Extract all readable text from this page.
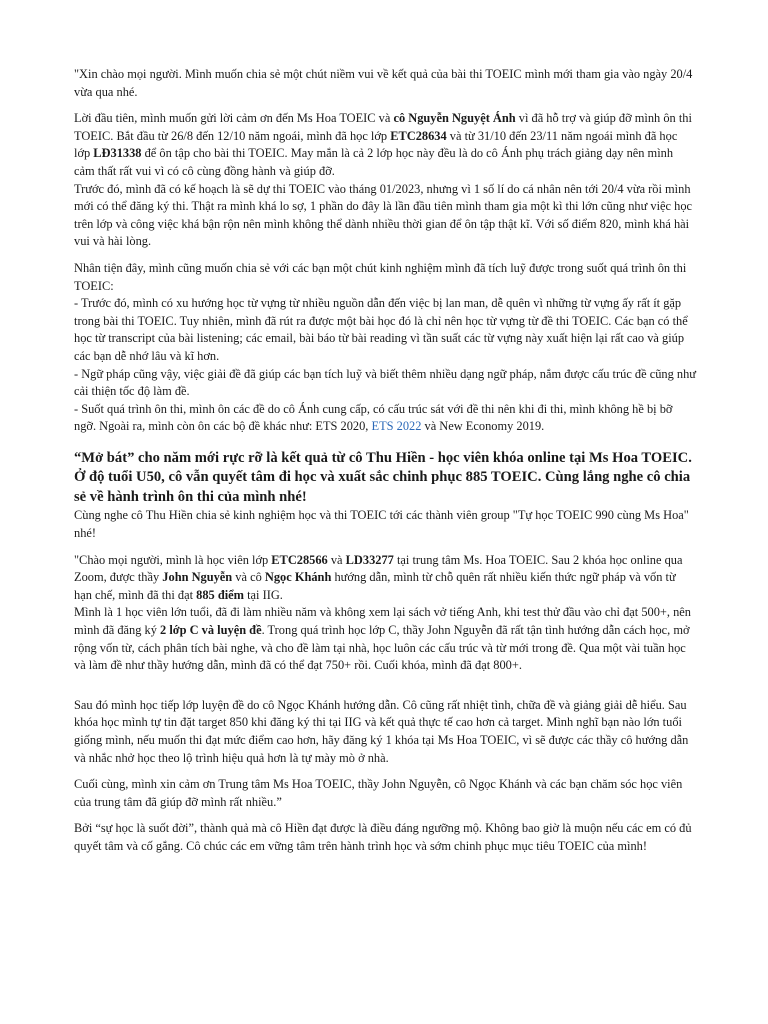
"Xin chào mọi người. Mình muốn chia sẻ một chút niềm vui về kết quả của bài thi TOEIC mình mới tham gia vào ngày 20/4 vừa qua nhé.

Lời đầu tiên, mình muốn gửi lời cảm ơn đến Ms Hoa TOEIC và cô Nguyễn Nguyệt Ánh vì đã hỗ trợ và giúp đỡ mình ôn thi TOEIC. Bắt đầu từ 26/8 đến 12/10 năm ngoái, mình đã học lớp ETC28634 và từ 31/10 đến 23/11 năm ngoái mình đã học lớp LĐ31338 để ôn tập cho bài thi TOEIC. May mắn là cả 2 lớp học này đều là do cô Ánh phụ trách giảng dạy nên mình cảm thất rất vui vì có cô cùng đồng hành và giúp đỡ.

Trước đó, mình đã có kế hoạch là sẽ dự thi TOEIC vào tháng 01/2023, nhưng vì 1 số lí do cá nhân nên tới 20/4 vừa rồi mình mới có thể đăng ký thi. Thật ra mình khá lo sợ, 1 phần do đây là lần đầu tiên mình tham gia một kì thi lớn cũng như việc học trên lớp và công việc khá bận rộn nên mình không thể dành nhiều thời gian để ôn tập thật kĩ. Với số điểm 820, mình khá hài vui và hài lòng.

Nhân tiện đây, mình cũng muốn chia sẻ với các bạn một chút kinh nghiệm mình đã tích luỹ được trong suốt quá trình ôn thi TOEIC:

- Trước đó, mình có xu hướng học từ vựng từ nhiều nguồn dẫn đến việc bị lan man, dễ quên vì những từ vựng ấy rất ít gặp trong bài thi TOEIC. Tuy nhiên, mình đã rút ra được một bài học đó là chỉ nên học từ vựng từ đề thi TOEIC. Các bạn có thể học từ transcript của bài listening; các email, bài báo từ bài reading vì tần suất các từ vựng này xuất hiện lại rất cao và giúp các bạn dễ nhớ lâu và kĩ hơn.

- Ngữ pháp cũng vậy, việc giải đề đã giúp các bạn tích luỹ và biết thêm nhiều dạng ngữ pháp, nắm được cấu trúc đề cũng như cải thiện tốc độ làm đề.

- Suốt quá trình ôn thi, mình ôn các đề do cô Ánh cung cấp, có cấu trúc sát với đề thi nên khi đi thi, mình không hề bị bỡ ngỡ. Ngoài ra, mình còn ôn các bộ đề khác như: ETS 2020, ETS 2022 và New Economy 2019.

“Mở bát” cho năm mới rực rỡ là kết quả từ cô Thu Hiền - học viên khóa online tại Ms Hoa TOEIC. Ở độ tuổi U50, cô vẫn quyết tâm đi học và xuất sắc chinh phục 885 TOEIC. Cùng lắng nghe cô chia sẻ về hành trình ôn thi của mình nhé!

Cùng nghe cô Thu Hiền chia sẻ kinh nghiệm học và thi TOEIC tới các thành viên group "Tự học TOEIC 990 cùng Ms Hoa" nhé!

"Chào mọi người, mình là học viên lớp ETC28566 và LD33277 tại trung tâm Ms. Hoa TOEIC. Sau 2 khóa học online qua Zoom, được thầy John Nguyễn và cô Ngọc Khánh hướng dẫn, mình từ chỗ quên rất nhiều kiến thức ngữ pháp và vốn từ hạn chế, mình đã thi đạt 885 điểm tại IIG.

Mình là 1 học viên lớn tuổi, đã đi làm nhiều năm và không xem lại sách vở tiếng Anh, khi test thử đầu vào chỉ đạt 500+, nên mình đã đăng ký 2 lớp C và luyện đề. Trong quá trình học lớp C, thầy John Nguyễn đã rất tận tình hướng dẫn cách học, mở rộng vốn từ, cách phân tích bài nghe, và cho đề làm tại nhà, học luôn các cấu trúc và từ mới trong đề. Qua một vài tuần học và làm đề như thầy hướng dẫn, mình đã có thể đạt 750+ rồi. Cuối khóa, mình đã đạt 800+.

Sau đó mình học tiếp lớp luyện đề do cô Ngọc Khánh hướng dẫn. Cô cũng rất nhiệt tình, chữa đề và giảng giải dễ hiểu. Sau khóa học mình tự tin đặt target 850 khi đăng ký thi tại IIG và kết quả thực tế cao hơn cả target. Mình nghĩ bạn nào lớn tuổi giống mình, nếu muốn thi đạt mức điểm cao hơn, hãy đăng ký 1 khóa tại Ms Hoa TOEIC, vì sẽ được các thầy cô hướng dẫn và nhắc nhở học theo lộ trình hiệu quả hơn là tự mày mò ở nhà.

Cuối cùng, mình xin cảm ơn Trung tâm Ms Hoa TOEIC, thầy John Nguyễn, cô Ngọc Khánh và các bạn chăm sóc học viên của trung tâm đã giúp đỡ mình rất nhiều.”

Bởi “sự học là suốt đời”, thành quả mà cô Hiền đạt được là điều đáng ngưỡng mộ. Không bao giờ là muộn nếu các em có đủ quyết tâm và cố gắng. Cô chúc các em vững tâm trên hành trình học và sớm chinh phục mục tiêu TOEIC của mình!
